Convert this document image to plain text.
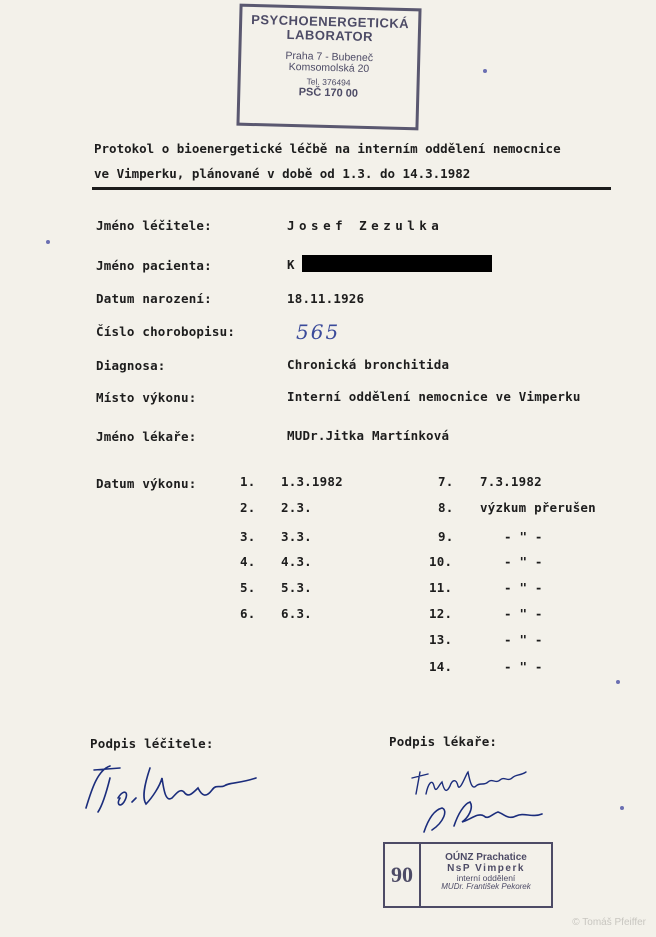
PSYCHOENERGETICKÁ
LABORATOR
Praha 7 - Bubeneč
Komsomolská 20
Tel. 376494
PSČ 170 00
Protokol o bioenergetické léčbě na interním oddělení nemocnice
ve Vimperku, plánované v době od 1.3. do 14.3.1982
Jméno léčitele:	Josef Zezulka
Jméno pacienta:	K
Datum narození:	18.11.1926
Číslo chorobopisu:	565
Diagnosa:	Chronická bronchitida
Místo výkonu:	Interní oddělení nemocnice ve Vimperku
Jméno lékaře:	MUDr.Jitka Martínková
Datum výkonu:	1. 1.3.1982
2. 2.3.
3. 3.3.
4. 4.3.
5. 5.3.
6. 6.3.
7. 7.3.1982
8. výzkum přerušen
9.	- " -
10.	- " -
11.	- " -
12.	- " -
13.	- " -
14.	- " -
Podpis léčitele:	Podpis lékaře:
90
OÚNZ Prachatice
NsP Vimperk
interní oddělení
MUDr. František Pekorek
© Tomáš Pfeiffer
